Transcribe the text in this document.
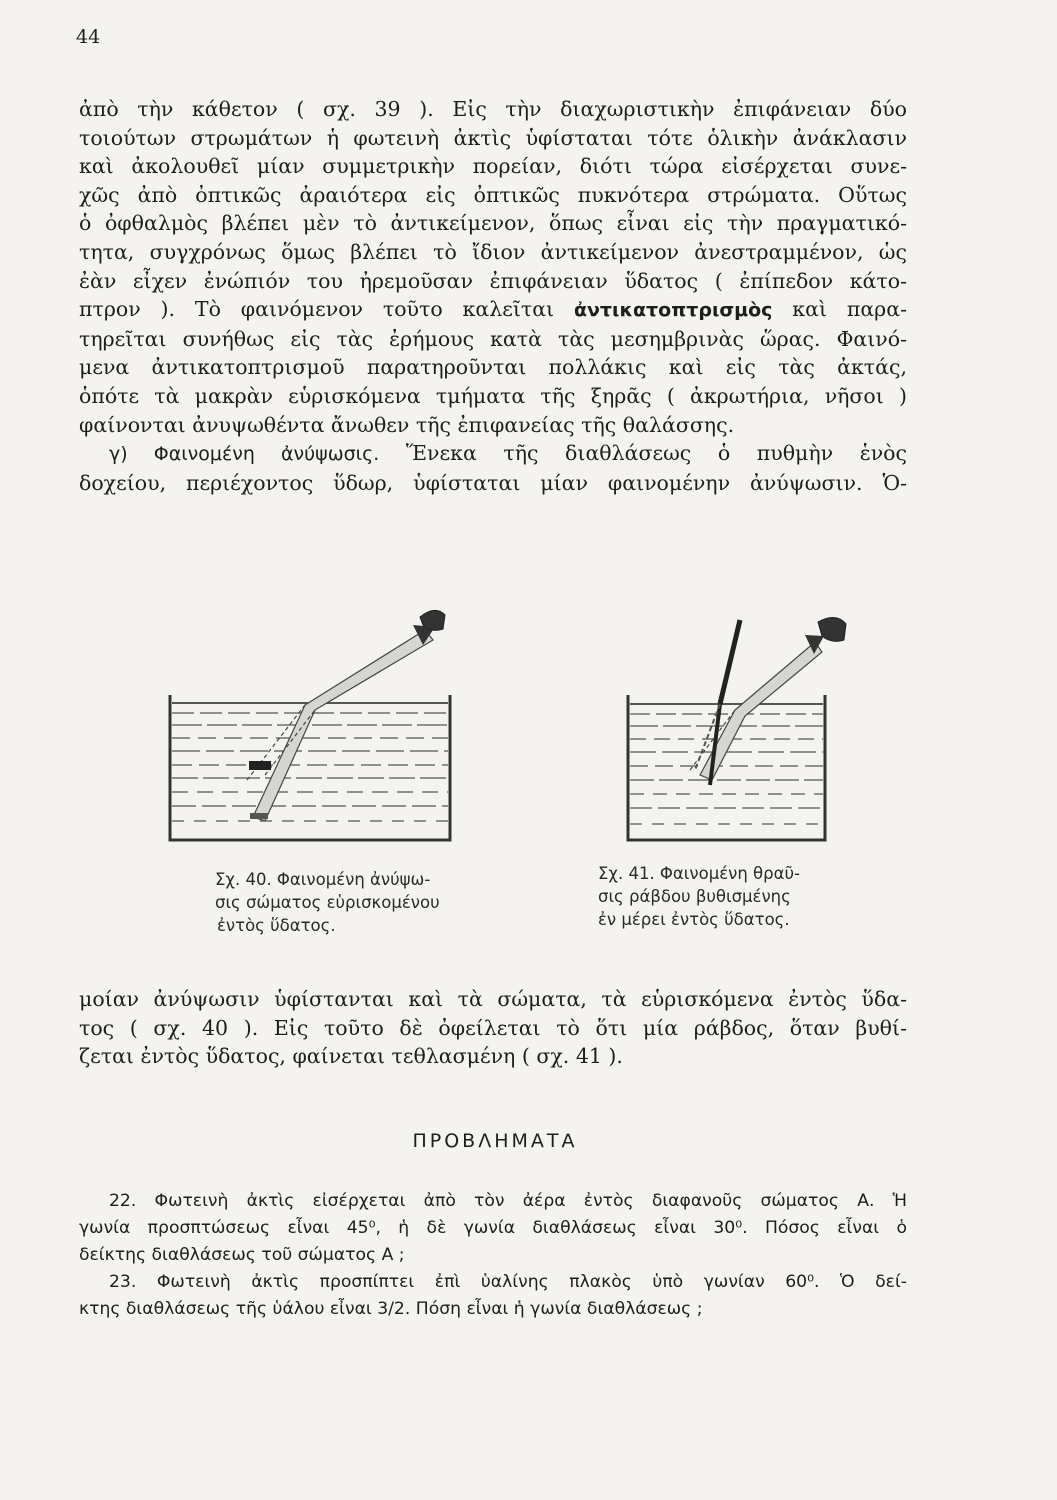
44
ἀπὸ τὴν κάθετον ( σχ. 39 ). Εἰς τὴν διαχωριστικὴν ἐπιφάνειαν δύο
τοιούτων στρωμάτων ἡ φωτεινὴ ἀκτὶς ὑφίσταται τότε ὁλικὴν ἀνάκλασιν
καὶ ἀκολουθεῖ μίαν συμμετρικὴν πορείαν, διότι τώρα εἰσέρχεται συνε-
χῶς ἀπὸ ὀπτικῶς ἀραιότερα εἰς ὀπτικῶς πυκνότερα στρώματα. Οὕτως
ὁ ὀφθαλμὸς βλέπει μὲν τὸ ἀντικείμενον, ὅπως εἶναι εἰς τὴν πραγματικό-
τητα, συγχρόνως ὅμως βλέπει τὸ ἴδιον ἀντικείμενον ἀνεστραμμένον, ὡς
ἐὰν εἶχεν ἐνώπιόν του ἠρεμοῦσαν ἐπιφάνειαν ὕδατος ( ἐπίπεδον κάτο-
πτρον ). Τὸ φαινόμενον τοῦτο καλεῖται ἀντικατοπτρισμὸς καὶ παρα-
τηρεῖται συνήθως εἰς τὰς ἐρήμους κατὰ τὰς μεσημβρινὰς ὥρας. Φαινό-
μενα ἀντικατοπτρισμοῦ παρατηροῦνται πολλάκις καὶ εἰς τὰς ἀκτάς,
ὁπότε τὰ μακρὰν εὑρισκόμενα τμήματα τῆς ξηρᾶς ( ἀκρωτήρια, νῆσοι )
φαίνονται ἀνυψωθέντα ἄνωθεν τῆς ἐπιφανείας τῆς θαλάσσης.
γ) Φαινομένη ἀνύψωσις. Ἕνεκα τῆς διαθλάσεως ὁ πυθμὴν ἑνὸς
δοχείου, περιέχοντος ὕδωρ, ὑφίσταται μίαν φαινομένην ἀνύψωσιν. Ὁ-
Σχ. 40. Φαινομένη ἀνύψω-
σις σώματος εὑρισκομένου
ἐντὸς ὕδατος.
Σχ. 41. Φαινομένη θραῦ-
σις ράβδου βυθισμένης
ἐν μέρει ἐντὸς ὕδατος.
μοίαν ἀνύψωσιν ὑφίστανται καὶ τὰ σώματα, τὰ εὑρισκόμενα ἐντὸς ὕδα-
τος ( σχ. 40 ). Εἰς τοῦτο δὲ ὀφείλεται τὸ ὅτι μία ράβδος, ὅταν βυθί-
ζεται ἐντὸς ὕδατος, φαίνεται τεθλασμένη ( σχ. 41 ).
ΠΡΟΒΛΗΜΑΤΑ
22. Φωτεινὴ ἀκτὶς εἰσέρχεται ἀπὸ τὸν ἀέρα ἐντὸς διαφανοῦς σώματος Α. Ἡ
γωνία προσπτώσεως εἶναι 45⁰, ἡ δὲ γωνία διαθλάσεως εἶναι 30⁰. Πόσος εἶναι ὁ
δείκτης διαθλάσεως τοῦ σώματος Α ;
23. Φωτεινὴ ἀκτὶς προσπίπτει ἐπὶ ὑαλίνης πλακὸς ὑπὸ γωνίαν 60⁰. Ὁ δεί-
κτης διαθλάσεως τῆς ὑάλου εἶναι 3/2. Πόση εἶναι ἡ γωνία διαθλάσεως ;
